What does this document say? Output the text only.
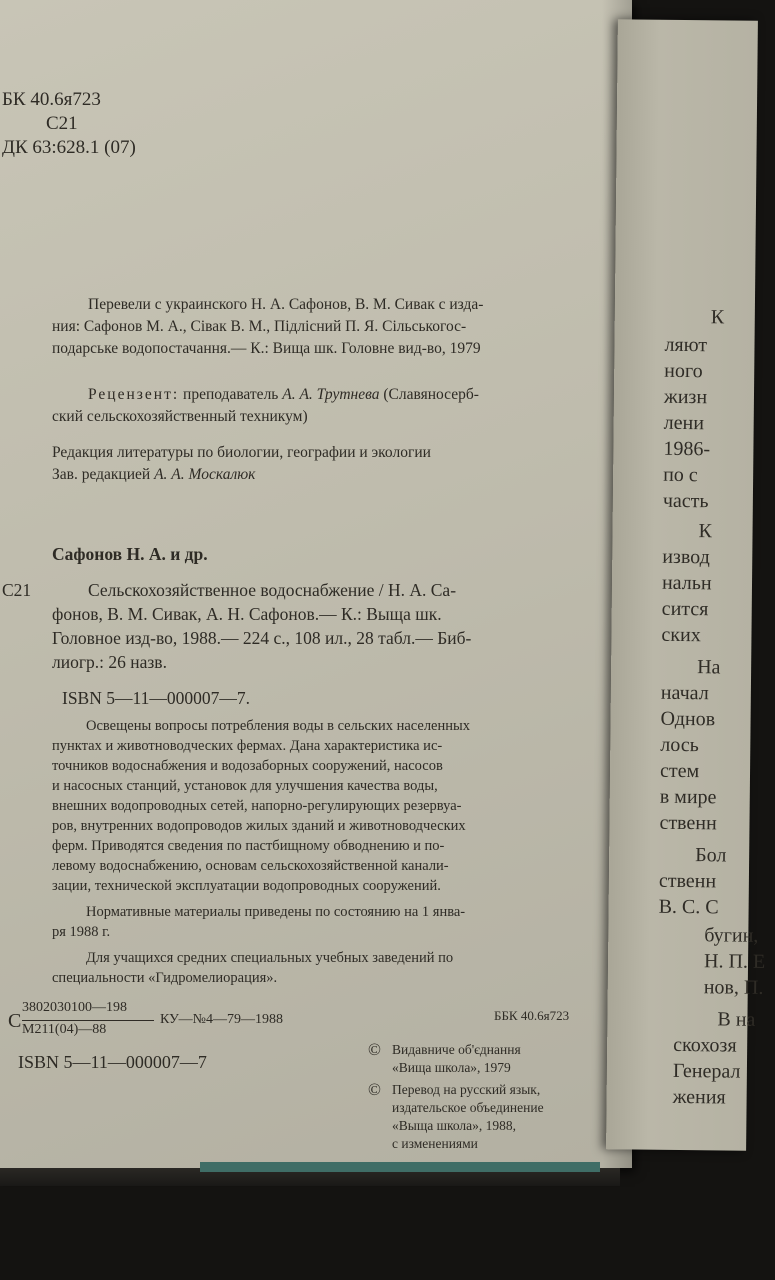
БК 40.6я723
С21
ДК 63:628.1 (07)
Перевели с украинского Н. А. Сафонов, В. М. Сивак с изда-
ния: Сафонов М. А., Сівак В. М., Підлісний П. Я. Сільськогос-
подарське водопостачання.— К.: Вища шк. Головне вид-во, 1979
Рецензент: преподаватель А. А. Трутнева (Славяносерб-
ский сельскохозяйственный техникум)
Редакция литературы по биологии, географии и экологии
Зав. редакцией А. А. Москалюк
Сафонов Н. А. и др.
С21	Сельскохозяйственное водоснабжение / Н. А. Са-
фонов, В. М. Сивак, А. Н. Сафонов.— К.: Выща шк.
Головное изд-во, 1988.— 224 с., 108 ил., 28 табл.— Биб-
лиогр.: 26 назв.
ISBN 5—11—000007—7.
Освещены вопросы потребления воды в сельских населенных
пунктах и животноводческих фермах. Дана характеристика ис-
точников водоснабжения и водозаборных сооружений, насосов
и насосных станций, установок для улучшения качества воды,
внешних водопроводных сетей, напорно-регулирующих резервуа-
ров, внутренних водопроводов жилых зданий и животноводческих
ферм. Приводятся сведения по пастбищному обводнению и по-
левому водоснабжению, основам сельскохозяйственной канали-
зации, технической эксплуатации водопроводных сооружений.
Нормативные материалы приведены по состоянию на 1 янва-
ря 1988 г.
Для учащихся средних специальных учебных заведений по
специальности «Гидромелиорация».
С
3802030100—198
М211(04)—88
КУ—№4—79—1988	ББК 40.6я723
ISBN 5—11—000007—7
© Видавниче об'єднання
«Вища школа», 1979
© Перевод на русский язык,
издательское объединение
«Выща школа», 1988,
с изменениями
К
ляют
ного
жизн
лени
1986-
по с
часть
К
извод
нальн
сится
ских
На
начал
Однов
лось
стем
в мире
ственн
Бол
ственн
В. С. С
бугин,
Н. П. Е
нов, П.
В на
скохозя
Генерал
жения
